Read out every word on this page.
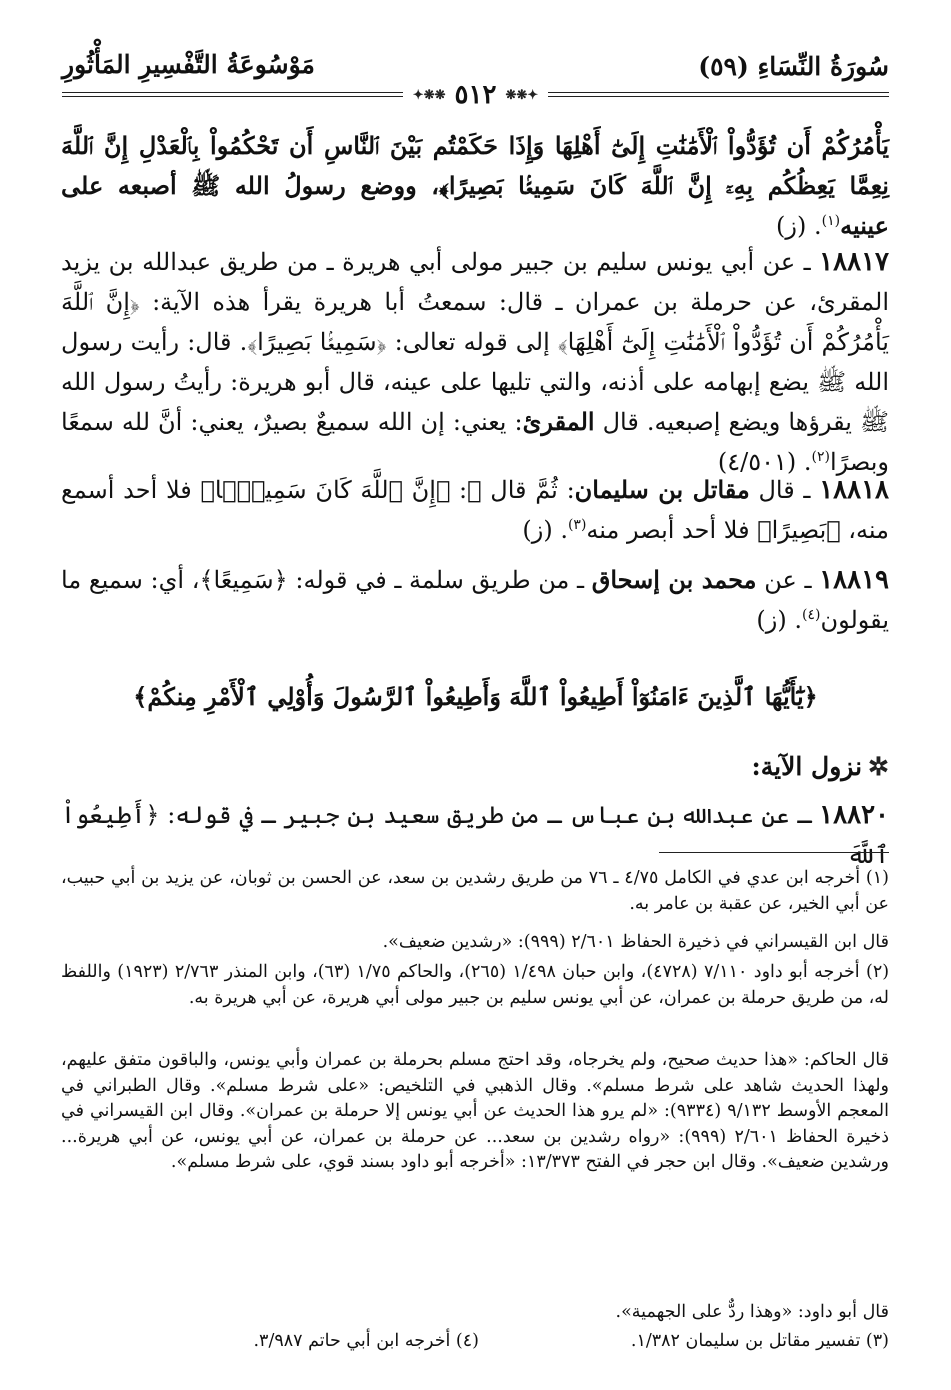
سُورَةُ النِّسَاءِ (٥٩)
مَوْسُوعَةُ التَّفْسِيرِ المَأْثُورِ
✦❋❋ ٥١٢ ❋❋✦
يَأْمُرُكُمْ أَن تُؤَدُّواْ ٱلْأَمَٰنَٰتِ إِلَىٰٓ أَهْلِهَا وَإِذَا حَكَمْتُم بَيْنَ ٱلنَّاسِ أَن تَحْكُمُواْ بِٱلْعَدْلِ إِنَّ ٱللَّهَ نِعِمَّا يَعِظُكُم بِهِۦٓ إِنَّ ٱللَّهَ كَانَ سَمِيعًۢا بَصِيرًا﴾، ووضع رسولُ الله ﷺ أصبعه على عينيه$^{(١)}$. (ز)
١٨٨١٧ ـ عن أبي يونس سليم بن جبير مولى أبي هريرة ـ من طريق عبدالله بن يزيد المقرئ، عن حرملة بن عمران ـ قال: سمعتُ أبا هريرة يقرأ هذه الآية: ﴿إِنَّ ٱللَّهَ يَأْمُرُكُمْ أَن تُؤَدُّواْ ٱلْأَمَٰنَٰتِ إِلَىٰٓ أَهْلِهَا﴾ إلى قوله تعالى: ﴿سَمِيعًۢا بَصِيرًا﴾. قال: رأيت رسول الله ﷺ يضع إبهامه على أذنه، والتي تليها على عينه، قال أبو هريرة: رأيتُ رسول الله ﷺ يقرؤها ويضع إصبعيه. قال المقرئ: يعني: إن الله سميعٌ بصيرٌ، يعني: أنَّ لله سمعًا وبصرًا$^{(٢)}$. (٤/٥٠١)
١٨٨١٨ ـ قال مقاتل بن سليمان: ثُمَّ قال ﷻ: ﴿إِنَّ ٱللَّهَ كَانَ سَمِيعًۢا﴾ فلا أحد أسمع منه، ﴿بَصِيرًا﴾ فلا أحد أبصر منه$^{(٣)}$. (ز)
١٨٨١٩ ـ عن محمد بن إسحاق ـ من طريق سلمة ـ في قوله: ﴿سَمِيعًا﴾، أي: سميع ما يقولون$^{(٤)}$. (ز)
﴿يَٰٓأَيُّهَا ٱلَّذِينَ ءَامَنُوٓاْ أَطِيعُواْ ٱللَّهَ وَأَطِيعُواْ ٱلرَّسُولَ وَأُوْلِي ٱلْأَمْرِ مِنكُمْ﴾
✲نزول الآية:
١٨٨٢٠ ـ عن عبدالله بن عباس ـ من طريق سعيد بن جبير ـ في قوله: ﴿أَطِيعُواْ ٱللَّهَ
(١) أخرجه ابن عدي في الكامل ٤/٧٥ ـ ٧٦ من طريق رشدين بن سعد، عن الحسن بن ثوبان، عن يزيد بن أبي حبيب، عن أبي الخير، عن عقبة بن عامر به.
قال ابن القيسراني في ذخيرة الحفاظ ٢/٦٠١ (٩٩٩): «رشدين ضعيف».
(٢) أخرجه أبو داود ٧/١١٠ (٤٧٢٨)، وابن حبان ١/٤٩٨ (٢٦٥)، والحاكم ١/٧٥ (٦٣)، وابن المنذر ٢/٧٦٣ (١٩٢٣) واللفظ له، من طريق حرملة بن عمران، عن أبي يونس سليم بن جبير مولى أبي هريرة، عن أبي هريرة به.
قال الحاكم: «هذا حديث صحيح، ولم يخرجاه، وقد احتج مسلم بحرملة بن عمران وأبي يونس، والباقون متفق عليهم، ولهذا الحديث شاهد على شرط مسلم». وقال الذهبي في التلخيص: «على شرط مسلم». وقال الطبراني في المعجم الأوسط ٩/١٣٢ (٩٣٣٤): «لم يرو هذا الحديث عن أبي يونس إلا حرملة بن عمران». وقال ابن القيسراني في ذخيرة الحفاظ ٢/٦٠١ (٩٩٩): «رواه رشدين بن سعد... عن حرملة بن عمران، عن أبي يونس، عن أبي هريرة... ورشدين ضعيف». وقال ابن حجر في الفتح ١٣/٣٧٣: «أخرجه أبو داود بسند قوي، على شرط مسلم».
قال أبو داود: «وهذا ردٌّ على الجهمية».
(٣) تفسير مقاتل بن سليمان ١/٣٨٢.
(٤) أخرجه ابن أبي حاتم ٣/٩٨٧.
